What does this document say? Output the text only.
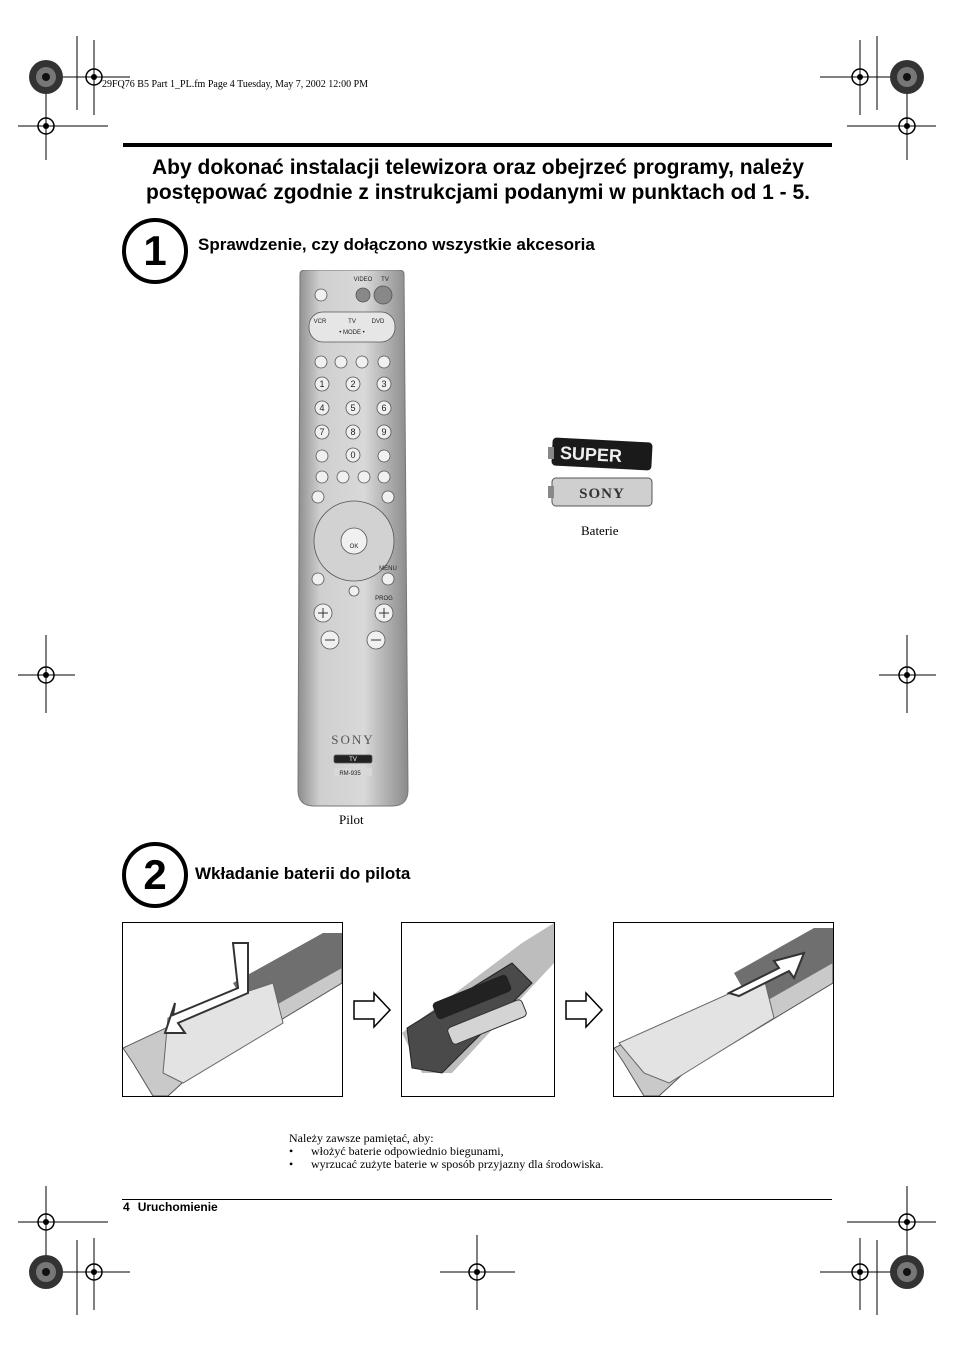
29FQ76 B5 Part 1_PL.fm Page 4 Tuesday, May 7, 2002 12:00 PM
Aby dokonać instalacji telewizora oraz obejrzeć programy, należy postępować zgodnie z instrukcjami podanymi w punktach od 1 - 5.
1	Sprawdzenie, czy dołączono wszystkie akcesoria
VIDEO TV
VCR	TV	DVD
• MODE •
OK
MENU
PROG
TV
RM-935
1	2	3
4	5	6
7	8	9
0
SONY
Pilot
SUPER
SONY
Baterie
2	Wkładanie baterii do pilota
Należy zawsze pamiętać, aby:
• włożyć baterie odpowiednio biegunami,
• wyrzucać zużyte baterie w sposób przyjazny dla środowiska.
4 Uruchomienie
